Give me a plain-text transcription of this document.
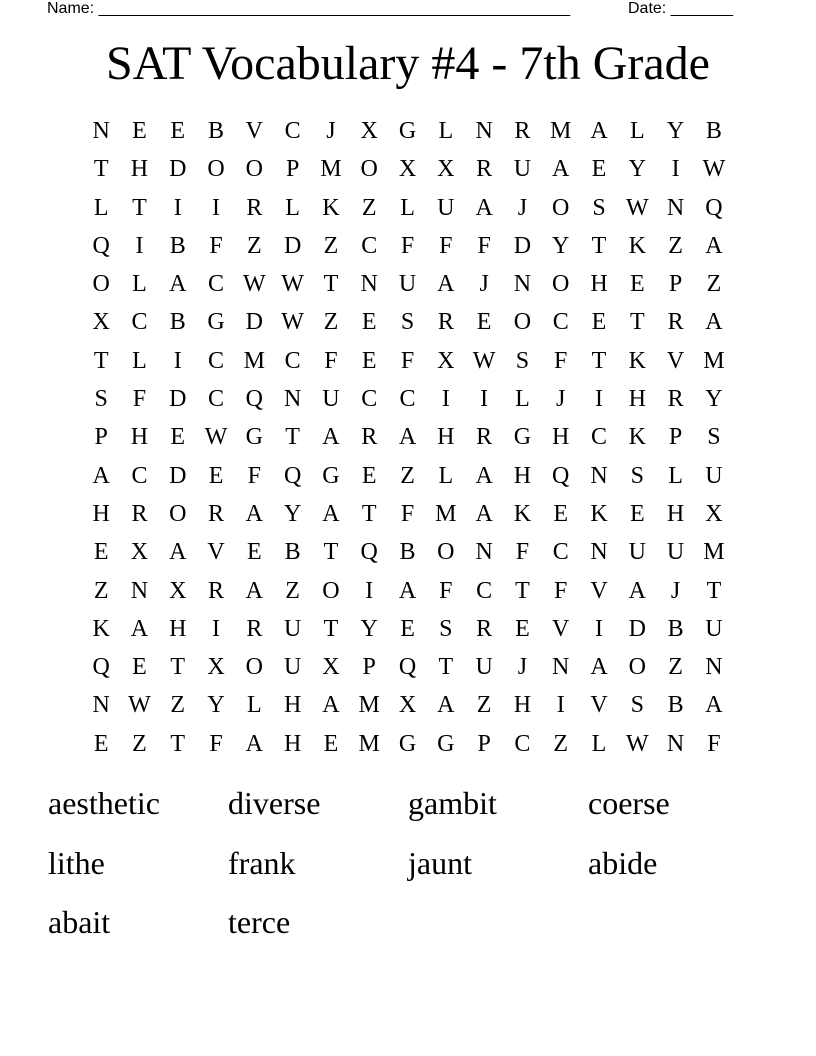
Name: _____________________________________________________	Date: _______
SAT Vocabulary #4 - 7th Grade
N E E B V C	J	X G L N R M A L Y B
T H D O O P M O X X R U A E Y	I W
L T	I	I	R L K Z L U A	J	O S W N Q
Q	I	B F	Z D Z C F	F	F D Y T K Z A
O L A C W W T N U A	J	N O H E	P	Z
X C B G D W Z E	S R E O C E T R A
T L	I	C M C F	E	F X W S	F	T K V M
S	F D C Q N U C C	I	I	L	J	I	H R Y
P H E W G T A R A H R G H C K P	S
A C D E	F Q G E Z L A H Q N S	L U
H R O R A Y A T	F M A K E K E H X
E X A V E B T Q B O N F C N U U M
Z N X R A Z O	I	A F C T	F V A	J	T
K A H	I	R U T Y E	S R E V	I	D B U
Q E T X O U X P Q T U	J	N A O Z N
N W Z Y L H A M X A Z H	I	V S B A
E Z T	F A H E M G G P C Z L W N F
aesthetic	diverse	gambit	coerse
lithe	frank	jaunt	abide
abait	terce
